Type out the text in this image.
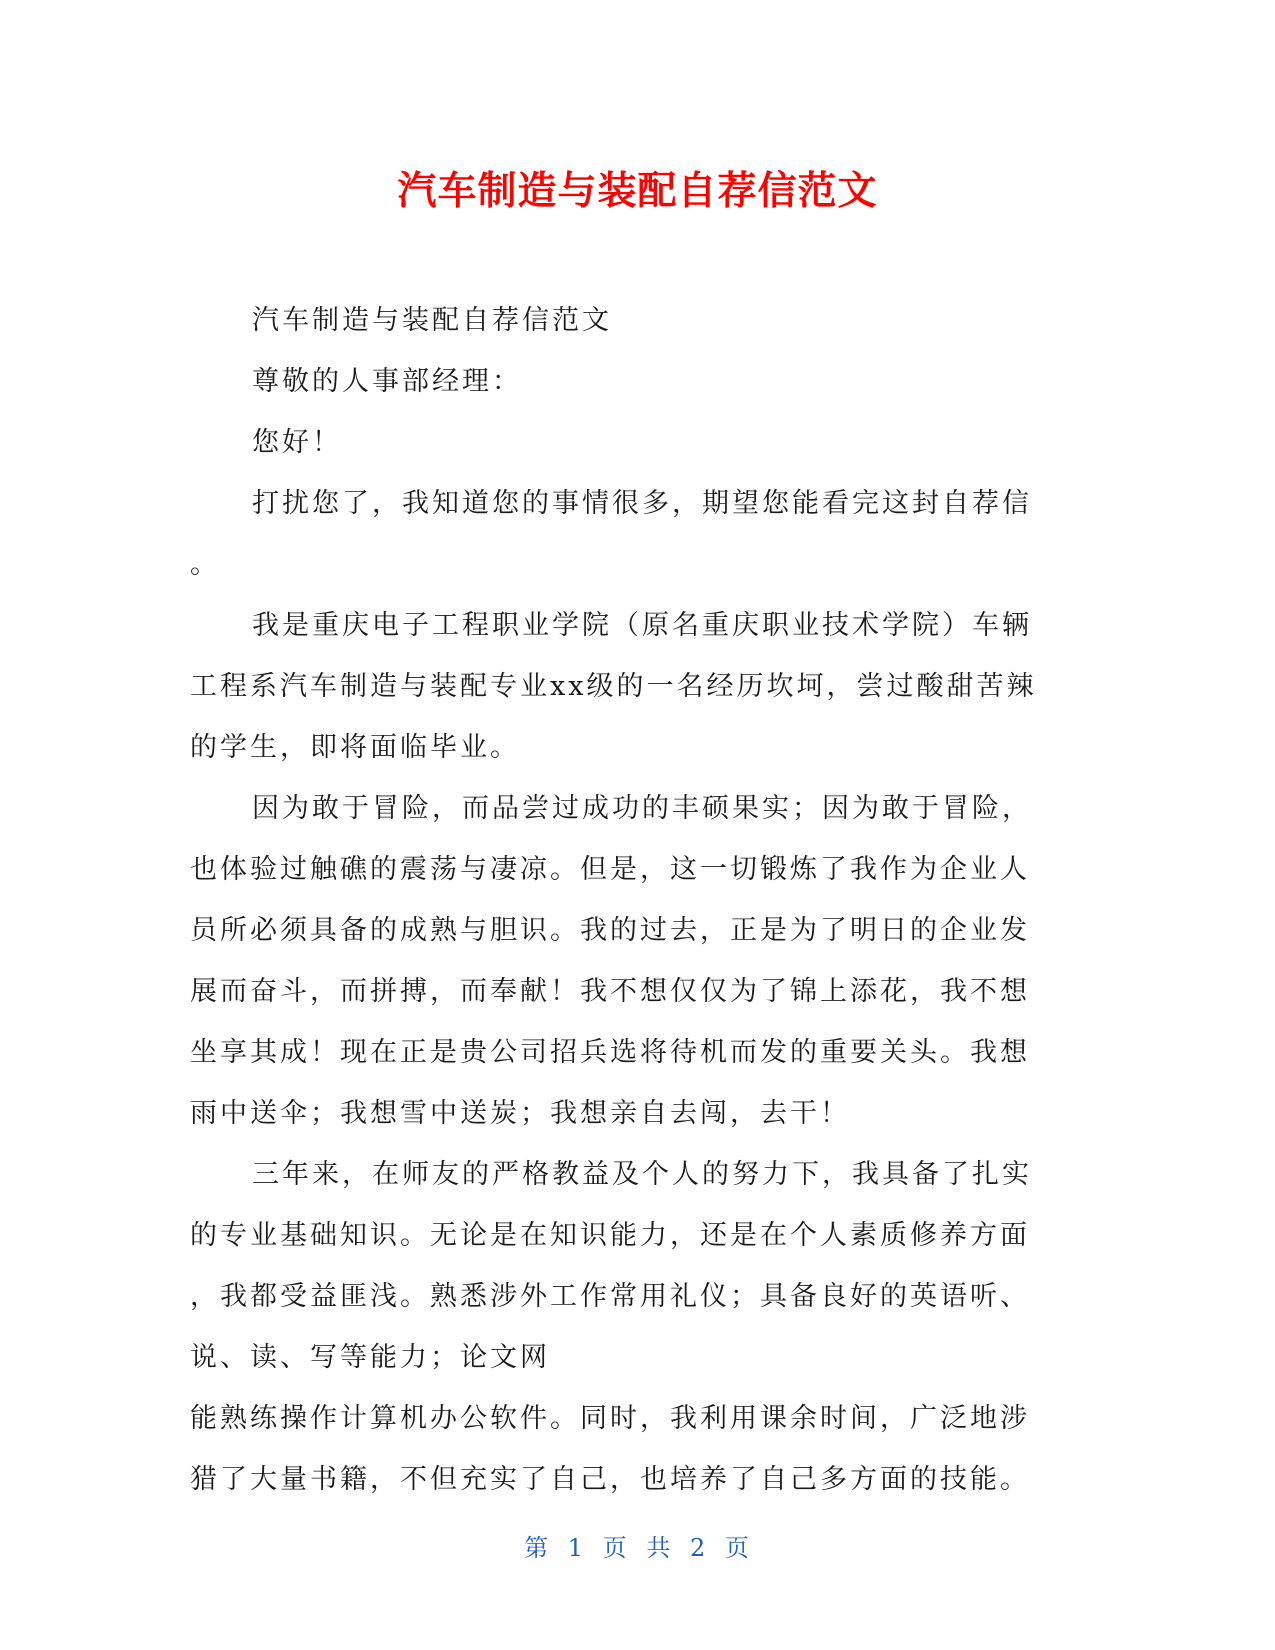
汽车制造与装配自荐信范文
汽车制造与装配自荐信范文
尊敬的人事部经理：
您好！
打扰您了，我知道您的事情很多，期望您能看完这封自荐信
。
我是重庆电子工程职业学院（原名重庆职业技术学院）车辆
工程系汽车制造与装配专业xx级的一名经历坎坷，尝过酸甜苦辣
的学生，即将面临毕业。
因为敢于冒险，而品尝过成功的丰硕果实；因为敢于冒险，
也体验过触礁的震荡与凄凉。但是，这一切锻炼了我作为企业人
员所必须具备的成熟与胆识。我的过去，正是为了明日的企业发
展而奋斗，而拼搏，而奉献！我不想仅仅为了锦上添花，我不想
坐享其成！现在正是贵公司招兵选将待机而发的重要关头。我想
雨中送伞；我想雪中送炭；我想亲自去闯，去干！
三年来，在师友的严格教益及个人的努力下，我具备了扎实
的专业基础知识。无论是在知识能力，还是在个人素质修养方面
，我都受益匪浅。熟悉涉外工作常用礼仪；具备良好的英语听、
说、读、写等能力；论文网
能熟练操作计算机办公软件。同时，我利用课余时间，广泛地涉
猎了大量书籍，不但充实了自己，也培养了自己多方面的技能。
第 1 页 共 2 页
